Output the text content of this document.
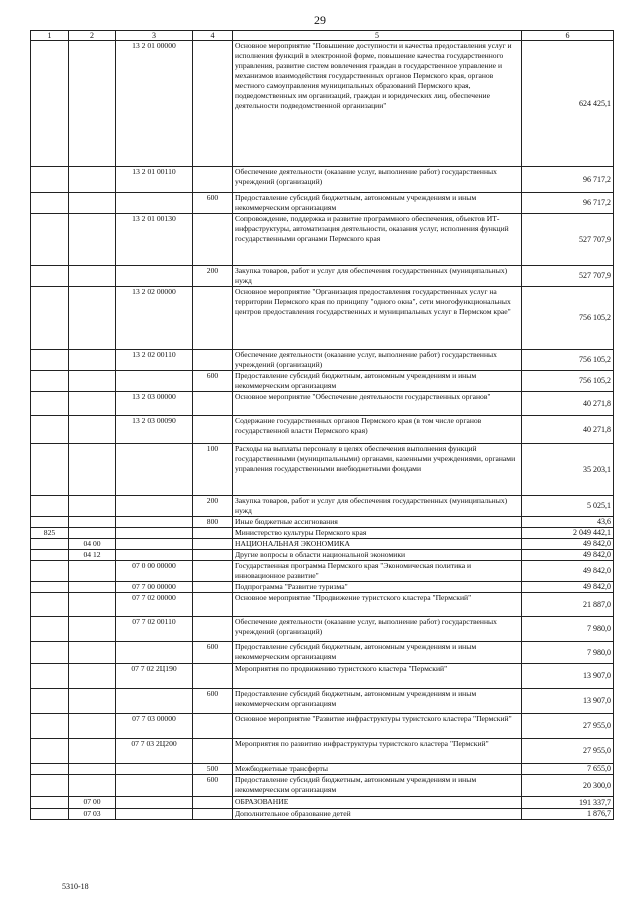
29
1	2	3	4	5	6
		13 2 01 00000		Основное мероприятие "Повышение доступности и качества предоставления услуг и исполнения функций в электронной форме, повышение качества государственного управления, развитие систем вовлечения граждан в государственное управление и механизмов взаимодействия государственных органов Пермского края, органов местного самоуправления муниципальных образований Пермского края, подведомственных им организаций, граждан и юридических лиц, обеспечение деятельности подведомственной организации"	624 425,1
		13 2 01 00110		Обеспечение деятельности (оказание услуг, выполнение работ) государственных учреждений (организаций)	96 717,2
			600	Предоставление субсидий бюджетным, автономным учреждениям и иным некоммерческим организациям	96 717,2
		13 2 01 00130		Сопровождение, поддержка и развитие программного обеспечения, объектов ИТ-инфраструктуры, автоматизация деятельности, оказания услуг, исполнения функций государственными органами Пермского края	527 707,9
			200	Закупка товаров, работ и услуг для обеспечения государственных (муниципальных) нужд	527 707,9
		13 2 02 00000		Основное мероприятие "Организация предоставления государственных услуг на территории Пермского края по принципу "одного окна", сети многофункциональных центров предоставления государственных и муниципальных услуг в Пермском крае"	756 105,2
		13 2 02 00110		Обеспечение деятельности (оказание услуг, выполнение работ) государственных учреждений (организаций)	756 105,2
			600	Предоставление субсидий бюджетным, автономным учреждениям и иным некоммерческим организациям	756 105,2
		13 2 03 00000		Основное мероприятие "Обеспечение деятельности государственных органов"	40 271,8
		13 2 03 00090		Содержание государственных органов Пермского края (в том числе органов государственной власти Пермского края)	40 271,8
			100	Расходы на выплаты персоналу в целях обеспечения выполнения функций государственными (муниципальными) органами, казенными учреждениями, органами управления государственными внебюджетными фондами	35 203,1
			200	Закупка товаров, работ и услуг для обеспечения государственных (муниципальных) нужд	5 025,1
			800	Иные бюджетные ассигнования	43,6
825				Министерство культуры Пермского края	2 049 442,1
	04 00			НАЦИОНАЛЬНАЯ ЭКОНОМИКА	49 842,0
	04 12			Другие вопросы в области национальной экономики	49 842,0
		07 0 00 00000		Государственная программа Пермского края "Экономическая политика и инновационное развитие"	49 842,0
		07 7 00 00000		Подпрограмма "Развитие туризма"	49 842,0
		07 7 02 00000		Основное мероприятие "Продвижение туристского кластера "Пермский"	21 887,0
		07 7 02 00110		Обеспечение деятельности (оказание услуг, выполнение работ) государственных учреждений (организаций)	7 980,0
			600	Предоставление субсидий бюджетным, автономным учреждениям и иным некоммерческим организациям	7 980,0
		07 7 02 2Ц190		Мероприятия по продвижению туристского кластера "Пермский"	13 907,0
			600	Предоставление субсидий бюджетным, автономным учреждениям и иным некоммерческим организациям	13 907,0
		07 7 03 00000		Основное мероприятие "Развитие инфраструктуры туристского кластера "Пермский"	27 955,0
		07 7 03 2Ц200		Мероприятия по развитию инфраструктуры туристского кластера "Пермский"	27 955,0
			500	Межбюджетные трансферты	7 655,0
			600	Предоставление субсидий бюджетным, автономным учреждениям и иным некоммерческим организациям	20 300,0
	07 00			ОБРАЗОВАНИЕ	191 337,7
	07 03			Дополнительное образование детей	1 876,7
5310-18
